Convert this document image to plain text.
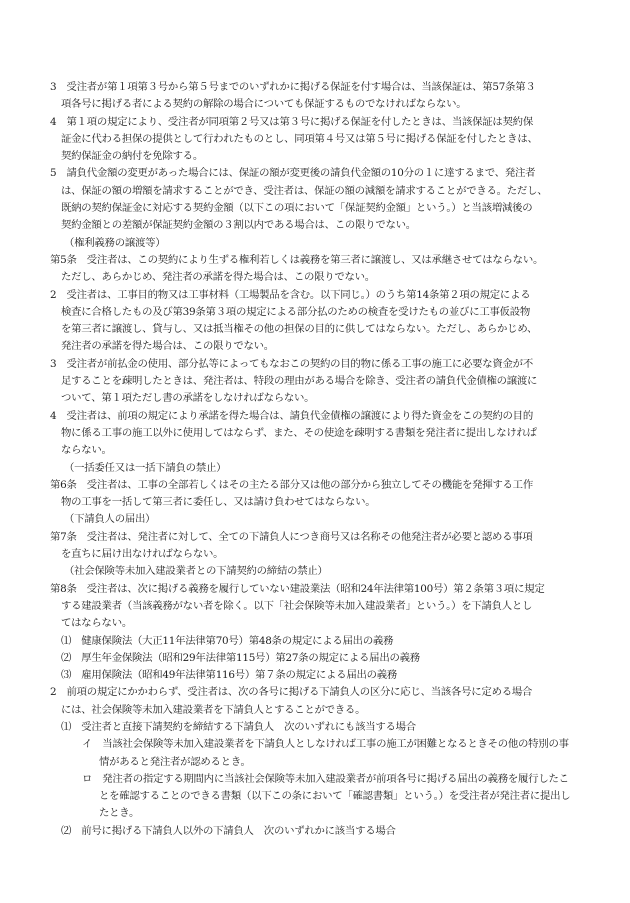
3　受注者が第１項第３号から第５号までのいずれかに掲げる保証を付す場合は、当該保証は、第57条第３
項各号に掲げる者による契約の解除の場合についても保証するものでなければならない。
4　第１項の規定により、受注者が同項第２号又は第３号に掲げる保証を付したときは、当該保証は契約保
証金に代わる担保の提供として行われたものとし、同項第４号又は第５号に掲げる保証を付したときは、
契約保証金の納付を免除する。
5　請負代金額の変更があった場合には、保証の額が変更後の請負代金額の10分の１に達するまで、発注者
は、保証の額の増額を請求することができ、受注者は、保証の額の減額を請求することができる。ただし、
既納の契約保証金に対応する契約金額（以下この項において「保証契約金額」という。）と当該増減後の
契約金額との差額が保証契約金額の３割以内である場合は、この限りでない。
（権利義務の譲渡等）
第5条　受注者は、この契約により生ずる権利若しくは義務を第三者に譲渡し、又は承継させてはならない。
ただし、あらかじめ、発注者の承諾を得た場合は、この限りでない。
2　受注者は、工事目的物又は工事材料（工場製品を含む。以下同じ。）のうち第14条第２項の規定による
検査に合格したもの及び第39条第３項の規定による部分払のための検査を受けたもの並びに工事仮設物
を第三者に譲渡し、貸与し、又は抵当権その他の担保の目的に供してはならない。ただし、あらかじめ、
発注者の承諾を得た場合は、この限りでない。
3　受注者が前払金の使用、部分払等によってもなおこの契約の目的物に係る工事の施工に必要な資金が不
足することを疎明したときは、発注者は、特段の理由がある場合を除き、受注者の請負代金債権の譲渡に
ついて、第１項ただし書の承諾をしなければならない。
4　受注者は、前項の規定により承諾を得た場合は、請負代金債権の譲渡により得た資金をこの契約の目的
物に係る工事の施工以外に使用してはならず、また、その使途を疎明する書類を発注者に提出しなけれぱ
ならない。
（一括委任又は一括下請負の禁止）
第6条　受注者は、工事の全部若しくはその主たる部分又は他の部分から独立してその機能を発揮する工作
物の工事を一括して第三者に委任し、又は請け負わせてはならない。
（下請負人の届出）
第7条　受注者は、発注者に対して、全ての下請負人につき商号又は名称その他発注者が必要と認める事項
を直ちに届け出なければならない。
（社会保険等未加入建設業者との下請契約の締結の禁止）
第8条　受注者は、次に掲げる義務を履行していない建設業法（昭和24年法律第100号）第２条第３項に規定
する建設業者（当該義務がない者を除く。以下「社会保険等未加入建設業者」という。）を下請負人とし
てはならない。
⑴　健康保険法（大正11年法律第70号）第48条の規定による届出の義務
⑵　厚生年金保険法（昭和29年法律第115号）第27条の規定による届出の義務
⑶　雇用保険法（昭和49年法律第116号）第７条の規定による届出の義務
2　前項の規定にかかわらず、受注者は、次の各号に掲げる下請負人の区分に応じ、当該各号に定める場合
には、社会保険等未加入建設業者を下請負人とすることができる。
⑴　受注者と直接下請契約を締結する下請負人　次のいずれにも該当する場合
イ　当該社会保険等未加入建設業者を下請負人としなければ工事の施工が困難となるときその他の特別の事
情があると発注者が認めるとき。
ロ　発注者の指定する期間内に当該社会保険等未加入建設業者が前項各号に掲げる届出の義務を履行したこ
とを確認することのできる書類（以下この条において「確認書類」という。）を受注者が発注者に提出し
たとき。
⑵　前号に掲げる下請負人以外の下請負人　次のいずれかに該当する場合
